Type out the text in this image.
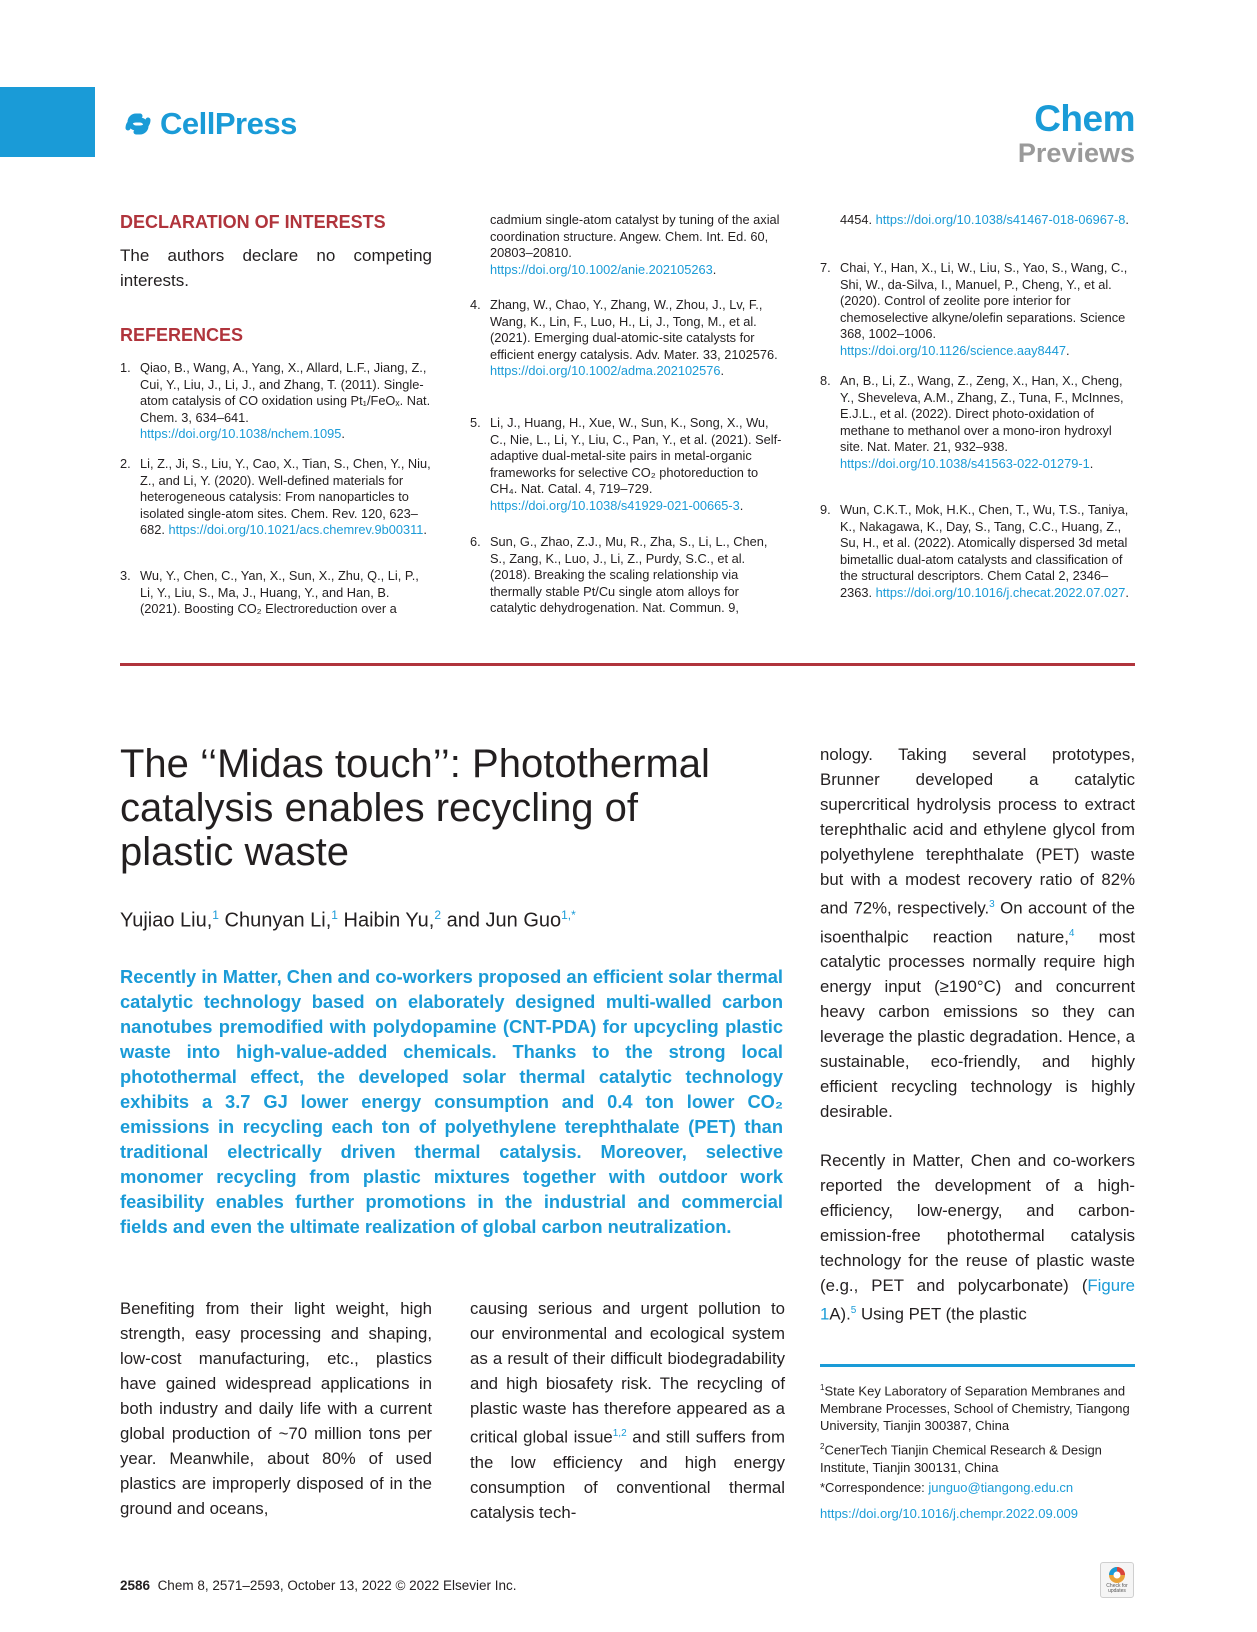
CellPress	Chem
Previews
DECLARATION OF INTERESTS

The authors declare no competing interests.

REFERENCES
1. Qiao, B., Wang, A., Yang, X., Allard, L.F., Jiang, Z., Cui, Y., Liu, J., Li, J., and Zhang, T. (2011). Single-atom catalysis of CO oxidation using Pt₁/FeOₓ. Nat. Chem. 3, 634–641. https://doi.org/10.1038/nchem.1095.

2. Li, Z., Ji, S., Liu, Y., Cao, X., Tian, S., Chen, Y., Niu, Z., and Li, Y. (2020). Well-defined materials for heterogeneous catalysis: From nanoparticles to isolated single-atom sites. Chem. Rev. 120, 623–682. https://doi.org/10.1021/acs.chemrev.9b00311.

3. Wu, Y., Chen, C., Yan, X., Sun, X., Zhu, Q., Li, P., Li, Y., Liu, S., Ma, J., Huang, Y., and Han, B. (2021). Boosting CO₂ Electroreduction over a

cadmium single-atom catalyst by tuning of the axial coordination structure. Angew. Chem. Int. Ed. 60, 20803–20810. https://doi.org/10.1002/anie.202105263.

4. Zhang, W., Chao, Y., Zhang, W., Zhou, J., Lv, F., Wang, K., Lin, F., Luo, H., Li, J., Tong, M., et al. (2021). Emerging dual-atomic-site catalysts for efficient energy catalysis. Adv. Mater. 33, 2102576. https://doi.org/10.1002/adma.202102576.

5. Li, J., Huang, H., Xue, W., Sun, K., Song, X., Wu, C., Nie, L., Li, Y., Liu, C., Pan, Y., et al. (2021). Self-adaptive dual-metal-site pairs in metal-organic frameworks for selective CO₂ photoreduction to CH₄. Nat. Catal. 4, 719–729. https://doi.org/10.1038/s41929-021-00665-3.

6. Sun, G., Zhao, Z.J., Mu, R., Zha, S., Li, L., Chen, S., Zang, K., Luo, J., Li, Z., Purdy, S.C., et al. (2018). Breaking the scaling relationship via thermally stable Pt/Cu single atom alloys for catalytic dehydrogenation. Nat. Commun. 9,

4454. https://doi.org/10.1038/s41467-018-06967-8.

7. Chai, Y., Han, X., Li, W., Liu, S., Yao, S., Wang, C., Shi, W., da-Silva, I., Manuel, P., Cheng, Y., et al. (2020). Control of zeolite pore interior for chemoselective alkyne/olefin separations. Science 368, 1002–1006. https://doi.org/10.1126/science.aay8447.

8. An, B., Li, Z., Wang, Z., Zeng, X., Han, X., Cheng, Y., Sheveleva, A.M., Zhang, Z., Tuna, F., McInnes, E.J.L., et al. (2022). Direct photo-oxidation of methane to methanol over a mono-iron hydroxyl site. Nat. Mater. 21, 932–938. https://doi.org/10.1038/s41563-022-01279-1.

9. Wun, C.K.T., Mok, H.K., Chen, T., Wu, T.S., Taniya, K., Nakagawa, K., Day, S., Tang, C.C., Huang, Z., Su, H., et al. (2022). Atomically dispersed 3d metal bimetallic dual-atom catalysts and classification of the structural descriptors. Chem Catal 2, 2346–2363. https://doi.org/10.1016/j.checat.2022.07.027.

The ‘‘Midas touch’’: Photothermal catalysis enables recycling of plastic waste
Yujiao Liu,$^1$ Chunyan Li,$^1$ Haibin Yu,$^2$ and Jun Guo$^{1,*}$

Recently in Matter, Chen and co-workers proposed an efficient solar thermal catalytic technology based on elaborately designed multi-walled carbon nanotubes premodified with polydopamine (CNT-PDA) for upcycling plastic waste into high-value-added chemicals. Thanks to the strong local photothermal effect, the developed solar thermal catalytic technology exhibits a 3.7 GJ lower energy consumption and 0.4 ton lower CO₂ emissions in recycling each ton of polyethylene terephthalate (PET) than traditional electrically driven thermal catalysis. Moreover, selective monomer recycling from plastic mixtures together with outdoor work feasibility enables further promotions in the industrial and commercial fields and even the ultimate realization of global carbon neutralization.

Benefiting from their light weight, high strength, easy processing and shaping, low-cost manufacturing, etc., plastics have gained widespread applications in both industry and daily life with a current global production of ~70 million tons per year. Meanwhile, about 80% of used plastics are improperly disposed of in the ground and oceans,

causing serious and urgent pollution to our environmental and ecological system as a result of their difficult biodegradability and high biosafety risk. The recycling of plastic waste has therefore appeared as a critical global issue$^{1,2}$ and still suffers from the low efficiency and high energy consumption of conventional thermal catalysis tech-

nology. Taking several prototypes, Brunner developed a catalytic supercritical hydrolysis process to extract terephthalic acid and ethylene glycol from polyethylene terephthalate (PET) waste but with a modest recovery ratio of 82% and 72%, respectively.$^3$ On account of the isoenthalpic reaction nature,$^4$ most catalytic processes normally require high energy input (≥190°C) and concurrent heavy carbon emissions so they can leverage the plastic degradation. Hence, a sustainable, eco-friendly, and highly efficient recycling technology is highly desirable.

Recently in Matter, Chen and co-workers reported the development of a high-efficiency, low-energy, and carbon-emission-free photothermal catalysis technology for the reuse of plastic waste (e.g., PET and polycarbonate) (Figure 1A).$^5$ Using PET (the plastic

$^1$State Key Laboratory of Separation Membranes and Membrane Processes, School of Chemistry, Tiangong University, Tianjin 300387, China

$^2$CenerTech Tianjin Chemical Research & Design Institute, Tianjin 300131, China

*Correspondence: junguo@tiangong.edu.cn

https://doi.org/10.1016/j.chempr.2022.09.009

2586 Chem 8, 2571–2593, October 13, 2022 © 2022 Elsevier Inc.	Check for updates
